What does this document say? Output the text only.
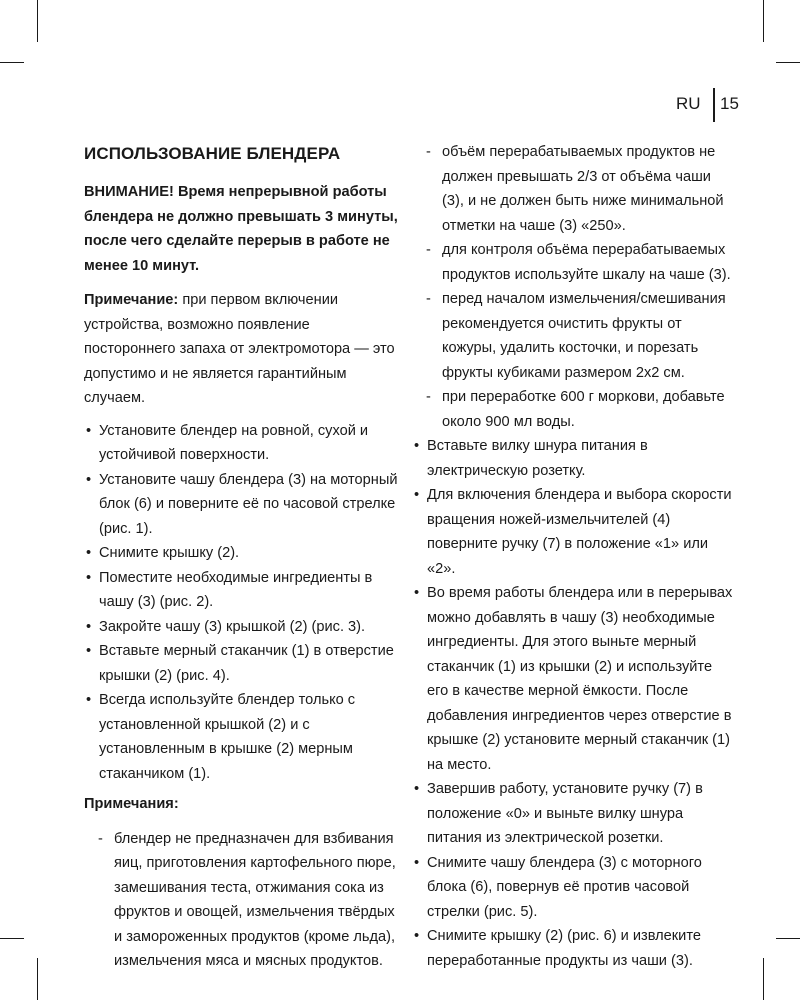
RU 15
ИСПОЛЬЗОВАНИЕ БЛЕНДЕРА
ВНИМАНИЕ! Время непрерывной работы блендера не должно превышать 3 минуты, после чего сделайте перерыв в работе не менее 10 минут.
Примечание: при первом включении устройства, возможно появление постороннего запаха от электромотора — это допустимо и не является гарантийным случаем.
• Установите блендер на ровной, сухой и устойчивой поверхности.
• Установите чашу блендера (3) на моторный блок (6) и поверните её по часовой стрелке (рис. 1).
• Снимите крышку (2).
• Поместите необходимые ингредиенты в чашу (3) (рис. 2).
• Закройте чашу (3) крышкой (2) (рис. 3).
• Вставьте мерный стаканчик (1) в отверстие крышки (2) (рис. 4).
• Всегда используйте блендер только с установленной крышкой (2) и с установленным в крышке (2) мерным стаканчиком (1).
Примечания:
- блендер не предназначен для взбивания яиц, приготовления картофельного пюре, замешивания теста, отжимания сока из фруктов и овощей, измельчения твёрдых и замороженных продуктов (кроме льда), измельчения мяса и мясных продуктов.
- объём перерабатываемых продуктов не должен превышать 2/3 от объёма чаши (3), и не должен быть ниже минимальной отметки на чаше (3) «250».
- для контроля объёма перерабатываемых продуктов используйте шкалу на чаше (3).
- перед началом измельчения/смешивания рекомендуется очистить фрукты от кожуры, удалить косточки, и порезать фрукты кубиками размером 2х2 см.
- при переработке 600 г моркови, добавьте около 900 мл воды.
• Вставьте вилку шнура питания в электрическую розетку.
• Для включения блендера и выбора скорости вращения ножей-измельчителей (4) поверните ручку (7) в положение «1» или «2».
• Во время работы блендера или в перерывах можно добавлять в чашу (3) необходимые ингредиенты. Для этого выньте мерный стаканчик (1) из крышки (2) и используйте его в качестве мерной ёмкости. После добавления ингредиентов через отверстие в крышке (2) установите мерный стаканчик (1) на место.
• Завершив работу, установите ручку (7) в положение «0» и выньте вилку шнура питания из электрической розетки.
• Снимите чашу блендера (3) с моторного блока (6), повернув её против часовой стрелки (рис. 5).
• Снимите крышку (2) (рис. 6) и извлеките переработанные продукты из чаши (3).
